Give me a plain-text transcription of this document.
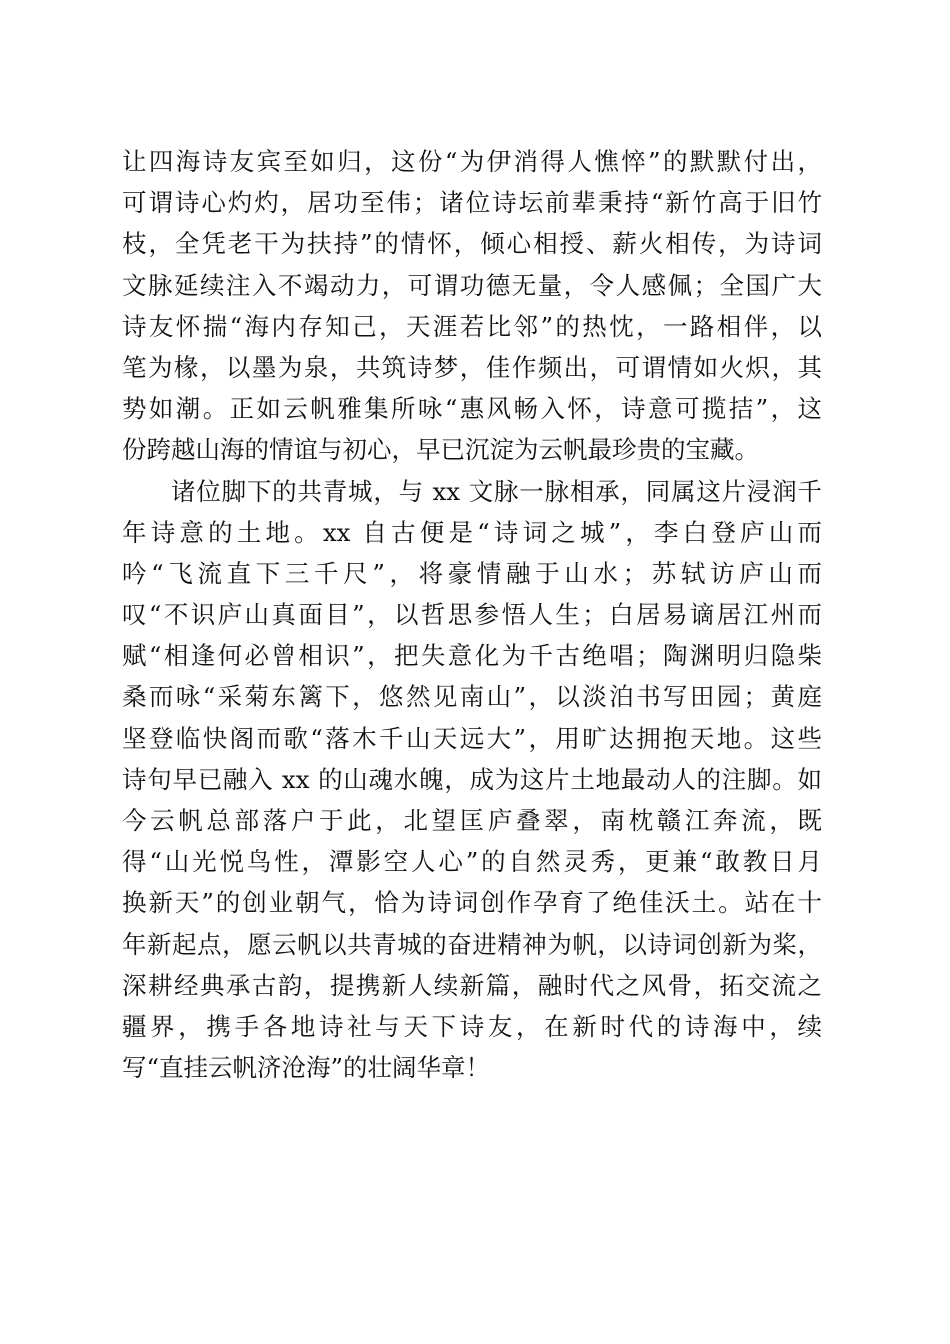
让四海诗友宾至如归，这份“为伊消得人憔悴”的默默付出，
可谓诗心灼灼，居功至伟；诸位诗坛前辈秉持“新竹高于旧竹
枝，全凭老干为扶持”的情怀，倾心相授、薪火相传，为诗词
文脉延续注入不竭动力，可谓功德无量，令人感佩；全国广大
诗友怀揣“海内存知己，天涯若比邻”的热忱，一路相伴，以
笔为椽，以墨为泉，共筑诗梦，佳作频出，可谓情如火炽，其
势如潮。正如云帆雅集所咏“惠风畅入怀，诗意可揽拮”，这
份跨越山海的情谊与初心，早已沉淀为云帆最珍贵的宝藏。
诸位脚下的共青城，与 xx 文脉一脉相承，同属这片浸润千
年诗意的土地。xx 自古便是“诗词之城”，李白登庐山而
吟“飞流直下三千尺”，将豪情融于山水；苏轼访庐山而
叹“不识庐山真面目”，以哲思参悟人生；白居易谪居江州而
赋“相逢何必曾相识”，把失意化为千古绝唱；陶渊明归隐柴
桑而咏“采菊东篱下，悠然见南山”，以淡泊书写田园；黄庭
坚登临快阁而歌“落木千山天远大”，用旷达拥抱天地。这些
诗句早已融入 xx 的山魂水魄，成为这片土地最动人的注脚。如
今云帆总部落户于此，北望匡庐叠翠，南枕赣江奔流，既
得“山光悦鸟性，潭影空人心”的自然灵秀，更兼“敢教日月
换新天”的创业朝气，恰为诗词创作孕育了绝佳沃土。站在十
年新起点，愿云帆以共青城的奋进精神为帆，以诗词创新为桨，
深耕经典承古韵，提携新人续新篇，融时代之风骨，拓交流之
疆界，携手各地诗社与天下诗友，在新时代的诗海中，续
写“直挂云帆济沧海”的壮阔华章！
